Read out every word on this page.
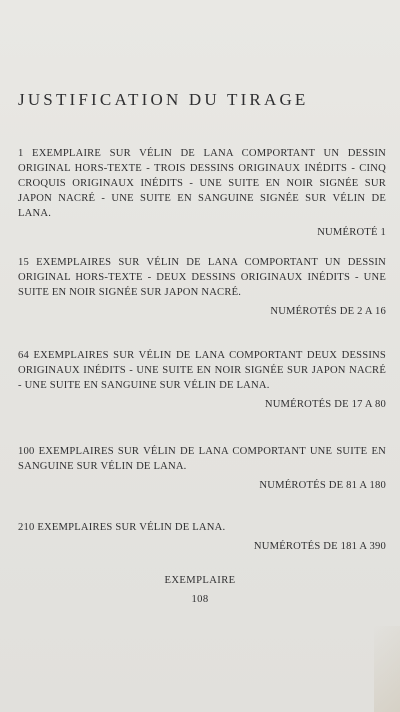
JUSTIFICATION DU TIRAGE
1 EXEMPLAIRE SUR VÉLIN DE LANA COMPORTANT UN DESSIN ORIGINAL HORS-TEXTE - TROIS DESSINS ORIGINAUX INÉDITS - CINQ CROQUIS ORIGINAUX INÉDITS - UNE SUITE EN NOIR SIGNÉE SUR JAPON NACRÉ - UNE SUITE EN SANGUINE SIGNÉE SUR VÉLIN DE LANA.
NUMÉROTÉ 1
15 EXEMPLAIRES SUR VÉLIN DE LANA COMPORTANT UN DESSIN ORIGINAL HORS-TEXTE - DEUX DESSINS ORIGINAUX INÉDITS - UNE SUITE EN NOIR SIGNÉE SUR JAPON NACRÉ.
NUMÉROTÉS DE 2 A 16
64 EXEMPLAIRES SUR VÉLIN DE LANA COMPORTANT DEUX DESSINS ORIGINAUX INÉDITS - UNE SUITE EN NOIR SIGNÉE SUR JAPON NACRÉ - UNE SUITE EN SANGUINE SUR VÉLIN DE LANA.
NUMÉROTÉS DE 17 A 80
100 EXEMPLAIRES SUR VÉLIN DE LANA COMPORTANT UNE SUITE EN SANGUINE SUR VÉLIN DE LANA.
NUMÉROTÉS DE 81 A 180
210 EXEMPLAIRES SUR VÉLIN DE LANA.
NUMÉROTÉS DE 181 A 390
EXEMPLAIRE
108
